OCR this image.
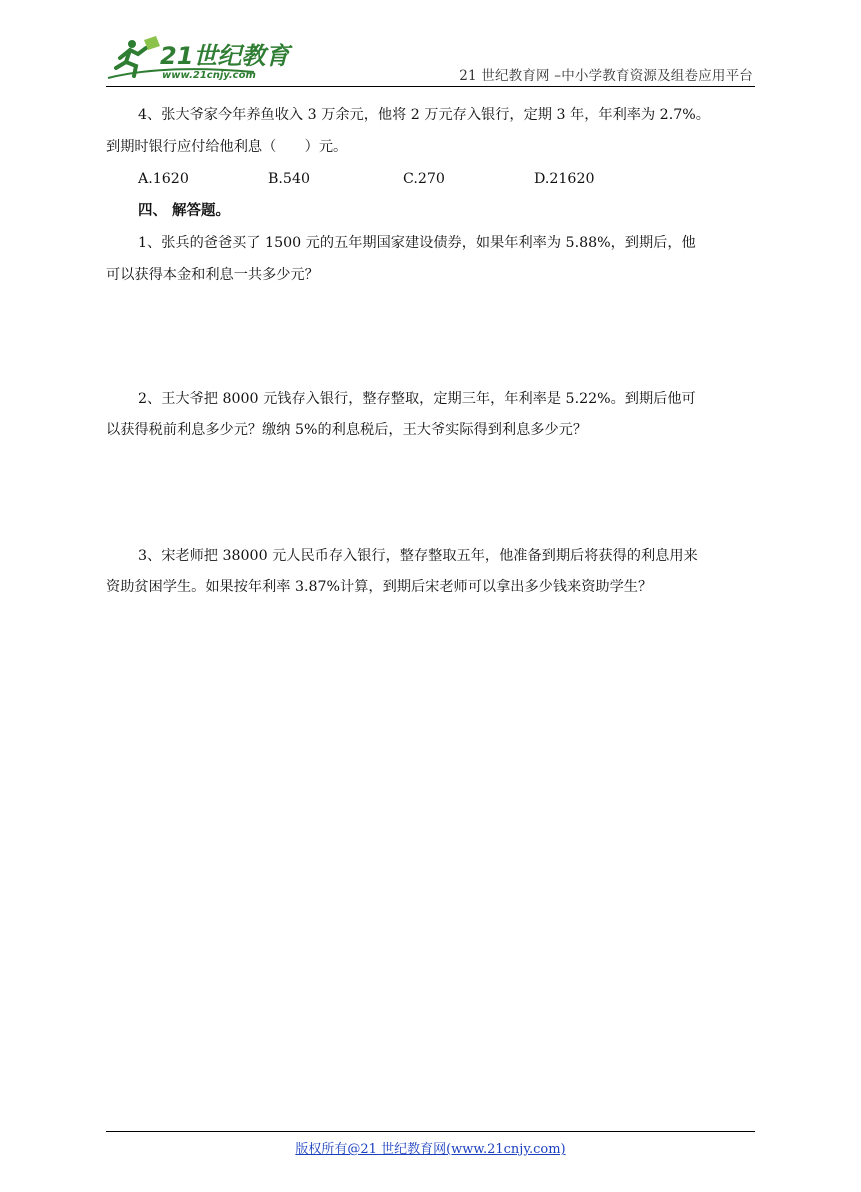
21世纪教育
www.21cnjy.com	21 世纪教育网 –中小学教育资源及组卷应用平台
4、张大爷家今年养鱼收入 3 万余元，他将 2 万元存入银行，定期 3 年，年利率为 2.7%。
到期时银行应付给他利息（　　）元。
A.1620	B.540	C.270	D.21620
四、 解答题。
1、张兵的爸爸买了 1500 元的五年期国家建设债券，如果年利率为 5.88%，到期后，他
可以获得本金和利息一共多少元？
2、王大爷把 8000 元钱存入银行，整存整取，定期三年，年利率是 5.22%。到期后他可
以获得税前利息多少元？缴纳 5%的利息税后，王大爷实际得到利息多少元？
3、宋老师把 38000 元人民币存入银行，整存整取五年，他准备到期后将获得的利息用来
资助贫困学生。如果按年利率 3.87%计算，到期后宋老师可以拿出多少钱来资助学生？
版权所有@21 世纪教育网(www.21cnjy.com)
